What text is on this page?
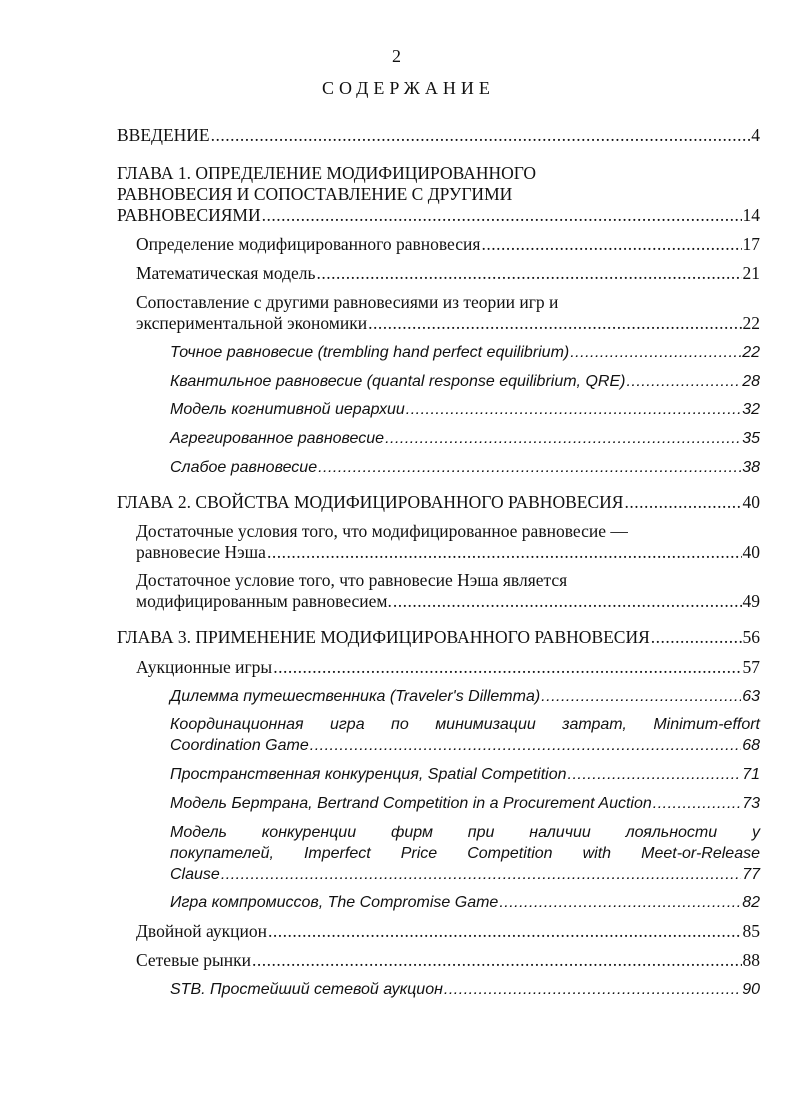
2
СОДЕРЖАНИЕ
ВВЕДЕНИЕ .....	4
ГЛАВА 1. ОПРЕДЕЛЕНИЕ МОДИФИЦИРОВАННОГО
РАВНОВЕСИЯ И СОПОСТАВЛЕНИЕ С ДРУГИМИ
РАВНОВЕСИЯМИ .....	14
Определение модифицированного равновесия .....	17
Математическая модель .....	21
Сопоставление с другими равновесиями из теории игр и
экспериментальной экономики .....	22
Точное равновесие (trembling hand perfect equilibrium) .....	22
Квантильное равновесие (quantal response equilibrium, QRE) .....	28
Модель когнитивной иерархии .....	32
Агрегированное равновесие .....	35
Слабое равновесие .....	38
ГЛАВА 2. СВОЙСТВА МОДИФИЦИРОВАННОГО РАВНОВЕСИЯ .....	40
Достаточные условия того, что модифицированное равновесие —
равновесие Нэша .....	40
Достаточное условие того, что равновесие Нэша является
модифицированным равновесием. .....	49
ГЛАВА 3. ПРИМЕНЕНИЕ МОДИФИЦИРОВАННОГО РАВНОВЕСИЯ .....	56
Аукционные игры .....	57
Дилемма путешественника (Traveler's Dillemma) .....	63
Координационная игра по минимизации затрат, Minimum-effort
Coordination Game .....	68
Пространственная конкуренция, Spatial Competition .....	71
Модель Бертрана, Bertrand Competition in a Procurement Auction .....	73
Модель конкуренции фирм при наличии лояльности у
покупателей, Imperfect Price Competition with Meet-or-Release
Clause .....	77
Игра компромиссов, The Compromise Game .....	82
Двойной аукцион .....	85
Сетевые рынки .....	88
STB. Простейший сетевой аукцион .....	90
